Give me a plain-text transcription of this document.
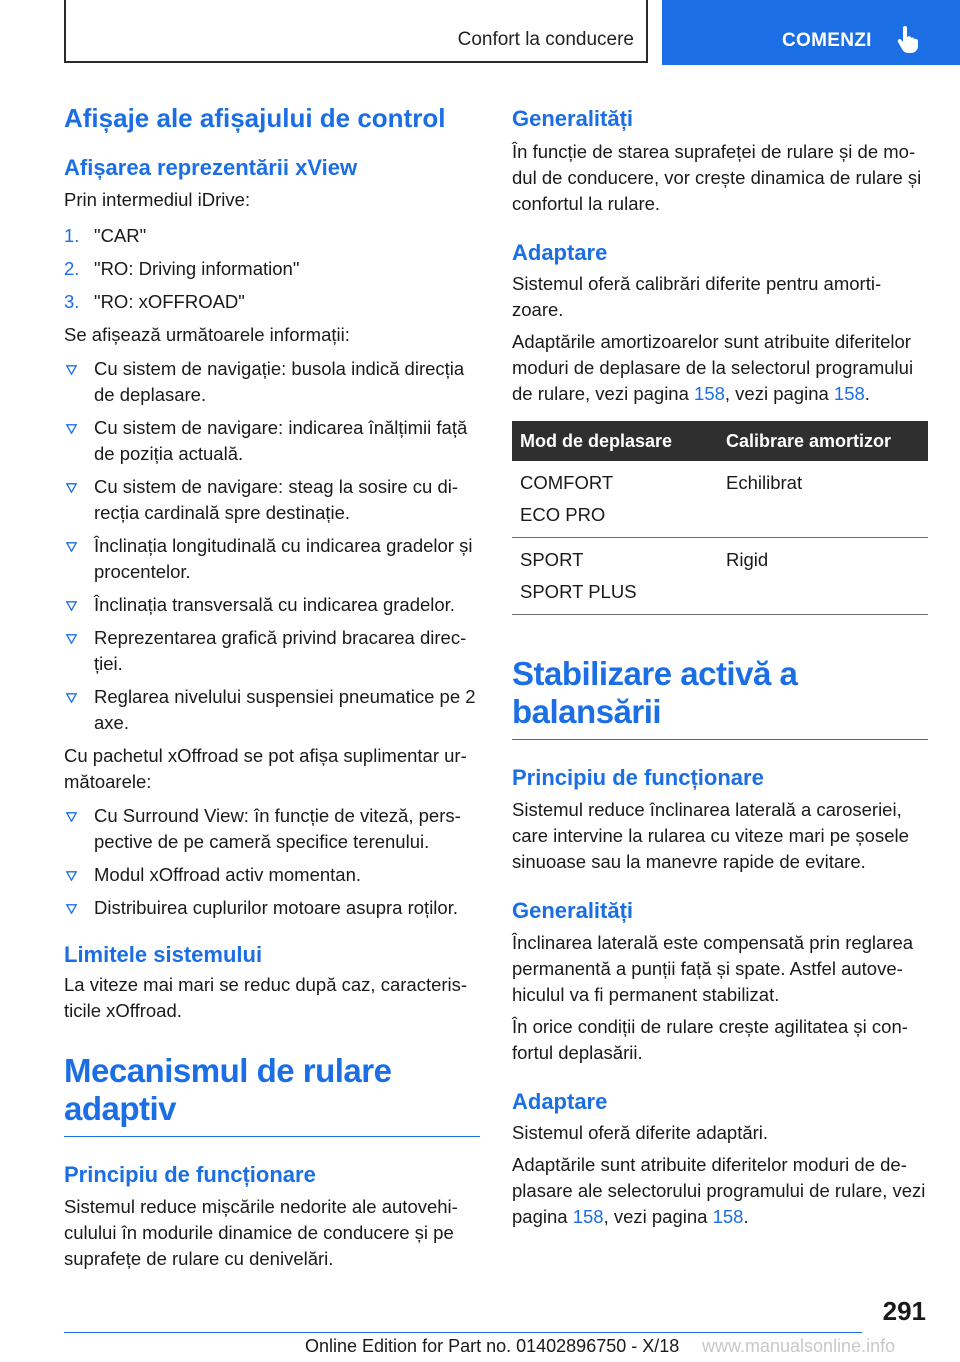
Confort la conducere	COMENZI
Afișaje ale afișajului de control
Afișarea reprezentării xView

Prin intermediul iDrive:

1. "CAR"
2. "RO: Driving information"
3. "RO: xOFFROAD"

Se afișează următoarele informații:

Cu sistem de navigație: busola indică direcția de deplasare.
Cu sistem de navigare: indicarea înălțimii față de poziția actuală.
Cu sistem de navigare: steag la sosire cu di-recția cardinală spre destinație.
Înclinația longitudinală cu indicarea gradelor și procentelor.
Înclinația transversală cu indicarea gradelor.
Reprezentarea grafică privind bracarea direc-ției.
Reglarea nivelului suspensiei pneumatice pe 2 axe.

Cu pachetul xOffroad se pot afișa suplimentar ur-mătoarele:

Cu Surround View: în funcție de viteză, pers-pective de pe cameră specifice terenului.
Modul xOffroad activ momentan.
Distribuirea cuplurilor motoare asupra roților.
Limitele sistemului

La viteze mai mari se reduc după caz, caracteris-ticile xOffroad.

Mecanismul de rulare adaptiv
Principiu de funcționare

Sistemul reduce mișcările nedorite ale autovehi-culului în modurile dinamice de conducere și pe suprafețe de rulare cu denivelări.

Generalități

În funcție de starea suprafeței de rulare și de mo-dul de conducere, vor crește dinamica de rulare și confortul la rulare.

Adaptare

Sistemul oferă calibrări diferite pentru amorti-zoare.

Adaptările amortizoarelor sunt atribuite diferitelor moduri de deplasare de la selectorul programului de rulare, vezi pagina 158, vezi pagina 158.

Mod de deplasare	Calibrare amortizor

COMFORT
ECO PRO	Echilibrat

SPORT
SPORT PLUS	Rigid
Stabilizare activă a balansării
Principiu de funcționare

Sistemul reduce înclinarea laterală a caroseriei, care intervine la rularea cu viteze mari pe șosele sinuoase sau la manevre rapide de evitare.

Generalități

Înclinarea laterală este compensată prin reglarea permanentă a punții față și spate. Astfel autove-hiculul va fi permanent stabilizat.

În orice condiții de rulare crește agilitatea și con-fortul deplasării.

Adaptare

Sistemul oferă diferite adaptări.

Adaptările sunt atribuite diferitelor moduri de de-plasare ale selectorului programului de rulare, vezi pagina 158, vezi pagina 158.

291
Online Edition for Part no. 01402896750 - X/18 www.manualsonline.info
